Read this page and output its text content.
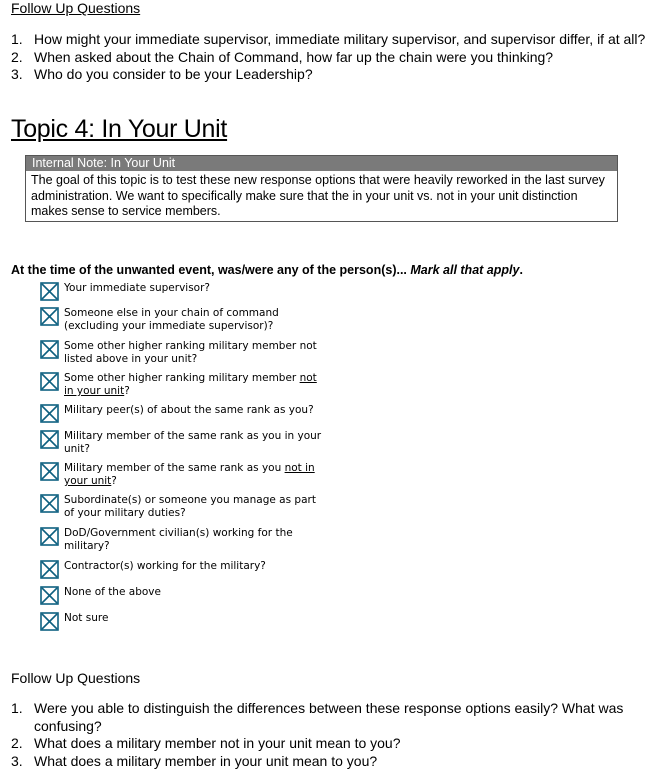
Follow Up Questions
1. How might your immediate supervisor, immediate military supervisor, and supervisor differ, if at all?
2. When asked about the Chain of Command, how far up the chain were you thinking?
3. Who do you consider to be your Leadership?
Topic 4: In Your Unit
Internal Note: In Your Unit
The goal of this topic is to test these new response options that were heavily reworked in the last survey administration. We want to specifically make sure that the in your unit vs. not in your unit distinction makes sense to service members.
At the time of the unwanted event, was/were any of the person(s)... Mark all that apply.
Your immediate supervisor?
Someone else in your chain of command (excluding your immediate supervisor)?
Some other higher ranking military member not listed above in your unit?
Some other higher ranking military member not in your unit?
Military peer(s) of about the same rank as you?
Military member of the same rank as you in your unit?
Military member of the same rank as you not in your unit?
Subordinate(s) or someone you manage as part of your military duties?
DoD/Government civilian(s) working for the military?
Contractor(s) working for the military?
None of the above
Not sure
Follow Up Questions
1. Were you able to distinguish the differences between these response options easily? What was confusing?
2. What does a military member not in your unit mean to you?
3. What does a military member in your unit mean to you?
